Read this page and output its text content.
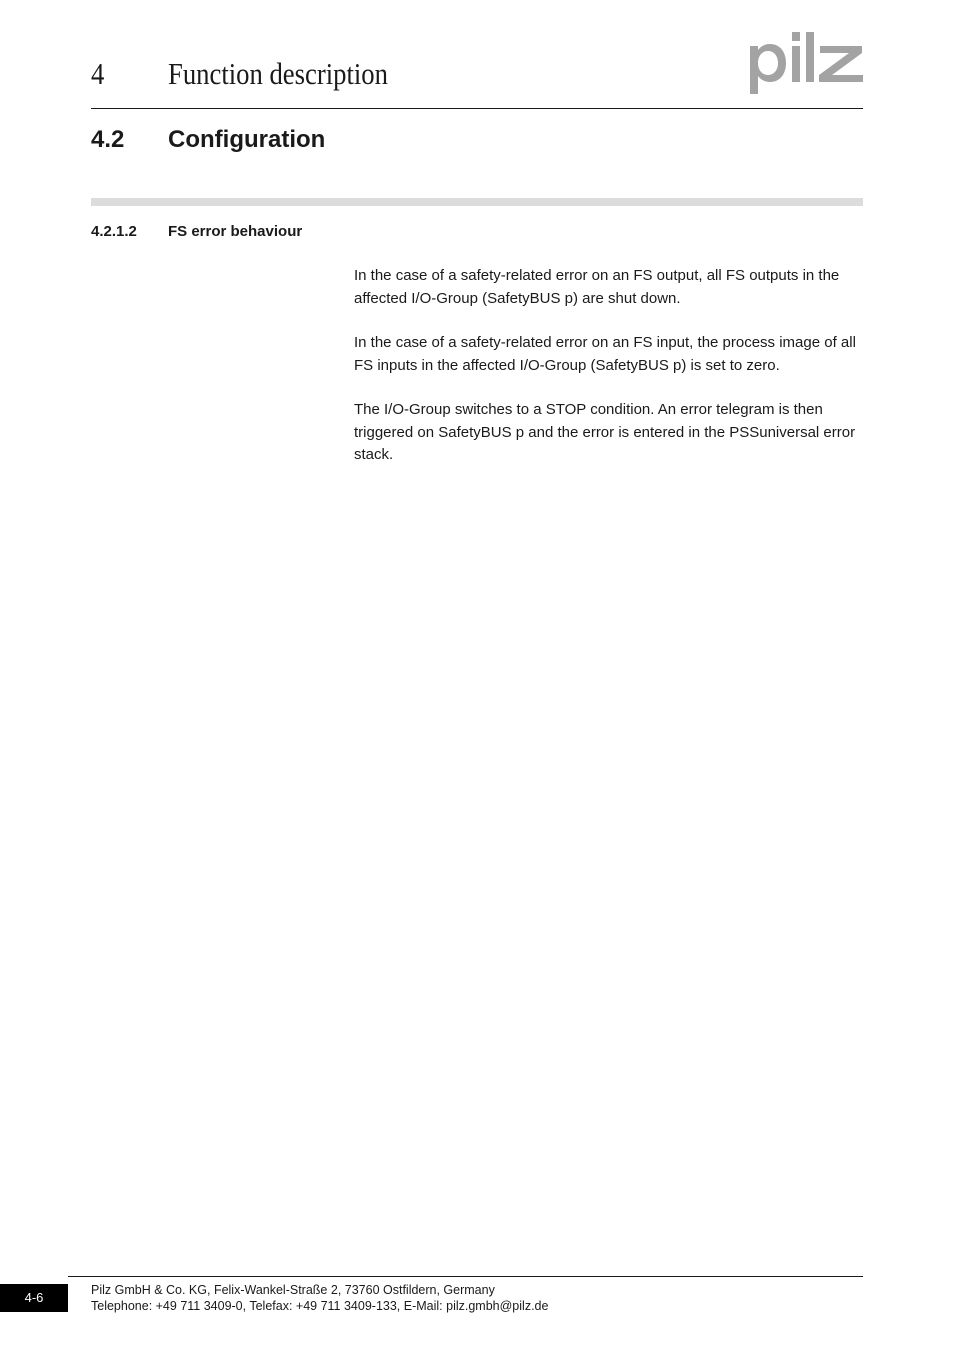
4 Function description
4.2 Configuration
4.2.1.2 FS error behaviour

In the case of a safety-related error on an FS output, all FS outputs in the affected I/O-Group (SafetyBUS p) are shut down.

In the case of a safety-related error on an FS input, the process image of all FS inputs in the affected I/O-Group (SafetyBUS p) is set to zero.

The I/O-Group switches to a STOP condition. An error telegram is then triggered on SafetyBUS p and the error is entered in the PSSuniversal error stack.

4-6	Pilz GmbH & Co. KG, Felix-Wankel-Straße 2, 73760 Ostfildern, Germany
Telephone: +49 711 3409-0, Telefax: +49 711 3409-133, E-Mail: pilz.gmbh@pilz.de
